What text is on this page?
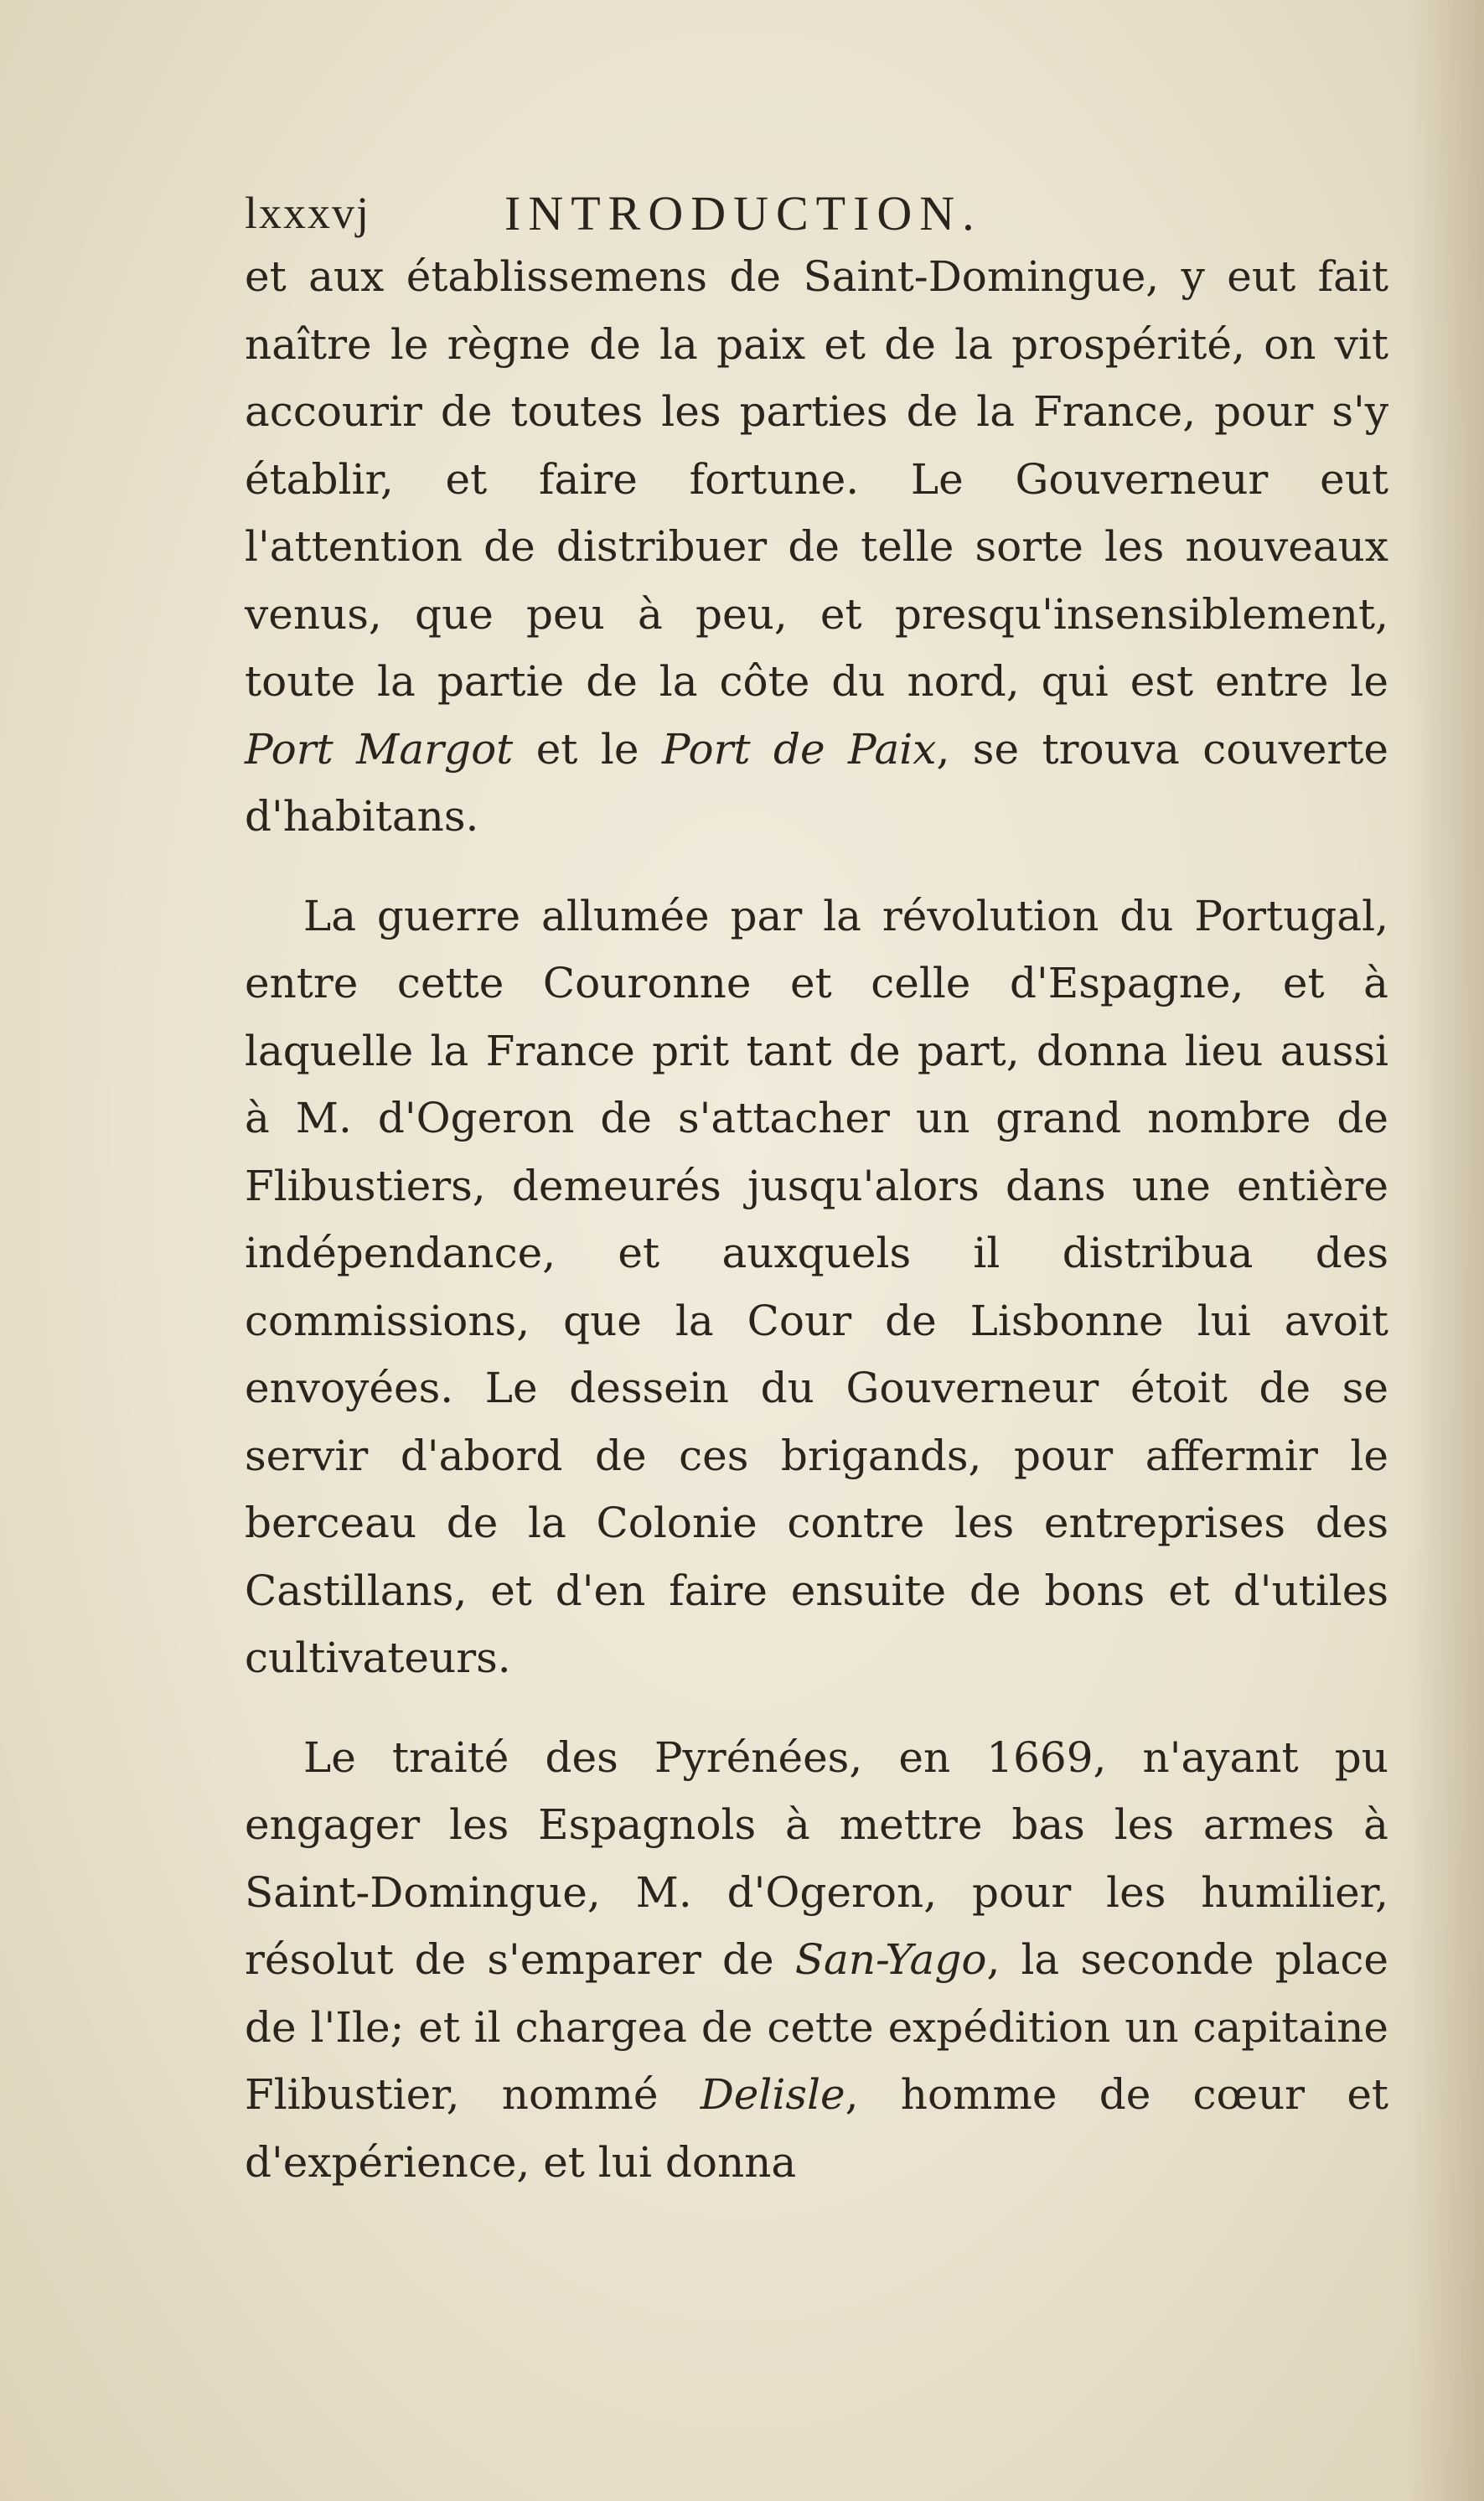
lxxxvj	INTRODUCTION.

et aux établissemens de Saint-Domingue, y eut fait naître le règne de la paix et de la prospérité, on vit accourir de toutes les parties de la France, pour s'y établir, et faire fortune. Le Gouverneur eut l'attention de distribuer de telle sorte les nouveaux venus, que peu à peu, et presqu'insensiblement, toute la partie de la côte du nord, qui est entre le Port Margot et le Port de Paix, se trouva couverte d'habitans.

La guerre allumée par la révolution du Portugal, entre cette Couronne et celle d'Espagne, et à laquelle la France prit tant de part, donna lieu aussi à M. d'Ogeron de s'attacher un grand nombre de Flibustiers, demeurés jusqu'alors dans une entière indépendance, et auxquels il distribua des commissions, que la Cour de Lisbonne lui avoit envoyées. Le dessein du Gouverneur étoit de se servir d'abord de ces brigands, pour affermir le berceau de la Colonie contre les entreprises des Castillans, et d'en faire ensuite de bons et d'utiles cultivateurs.

Le traité des Pyrénées, en 1669, n'ayant pu engager les Espagnols à mettre bas les armes à Saint-Domingue, M. d'Ogeron, pour les humilier, résolut de s'emparer de San-Yago, la seconde place de l'Ile; et il chargea de cette expédition un capitaine Flibustier, nommé Delisle, homme de cœur et d'expérience, et lui donna
